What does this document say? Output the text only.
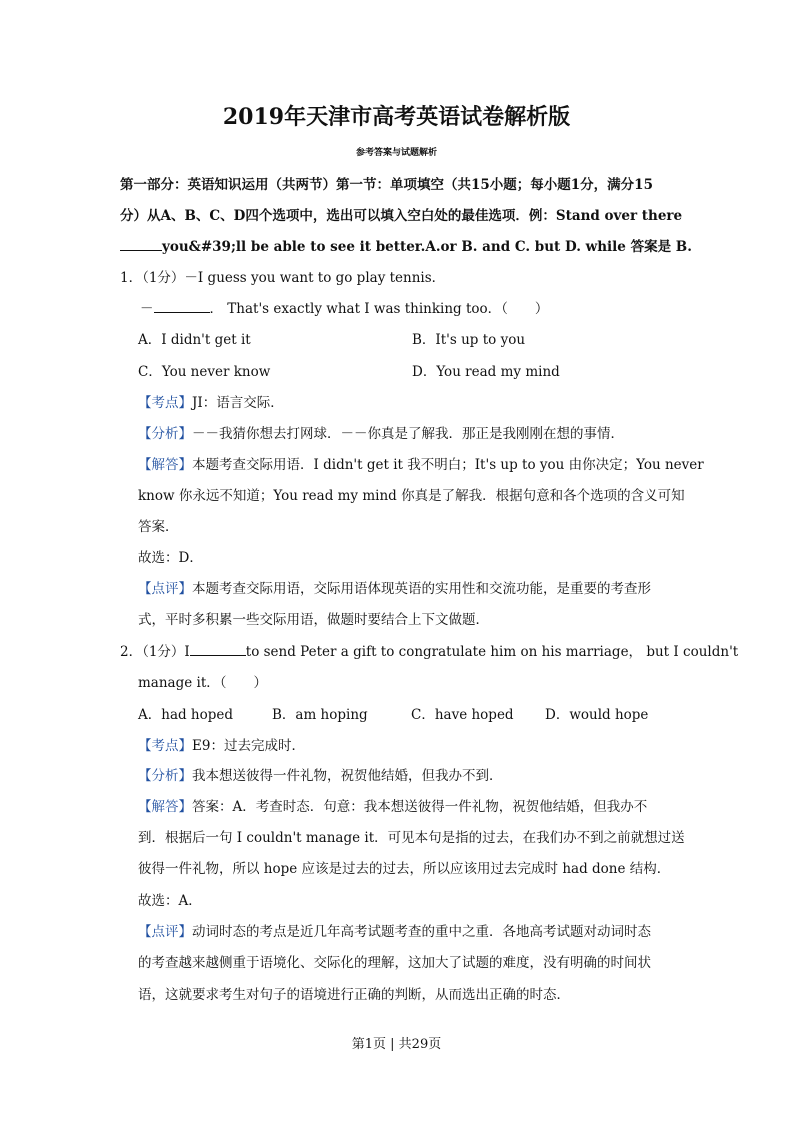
2019年天津市高考英语试卷解析版
参考答案与试题解析
第一部分：英语知识运用（共两节）第一节：单项填空（共15小题；每小题1分，满分15
分）从A、B、C、D四个选项中，选出可以填入空白处的最佳选项．例：Stand over there
you&#39;ll be able to see it better.A.or B. and C. but D. while 答案是 B.
1．（1分）－I guess you want to go play tennis．
－	． That's exactly what I was thinking too．（　　）
A．I didn't get it	B．It's up to you
C．You never know	D．You read my mind
【考点】JI：语言交际．
【分析】－－我猜你想去打网球．－－你真是了解我．那正是我刚刚在想的事情．
【解答】本题考查交际用语．I didn't get it 我不明白；It's up to you 由你决定；You never
know 你永远不知道；You read my mind 你真是了解我．根据句意和各个选项的含义可知
答案．
故选：D．
【点评】本题考查交际用语，交际用语体现英语的实用性和交流功能，是重要的考查形
式，平时多积累一些交际用语，做题时要结合上下文做题．
2．（1分）I	to send Peter a gift to congratulate him on his marriage， but I couldn't
manage it．（　　）
A．had hoped	B．am hoping	C．have hoped D．would hope
【考点】E9：过去完成时．
【分析】我本想送彼得一件礼物，祝贺他结婚，但我办不到．
【解答】答案：A．考查时态．句意：我本想送彼得一件礼物，祝贺他结婚，但我办不
到．根据后一句 I couldn't manage it．可见本句是指的过去，在我们办不到之前就想过送
彼得一件礼物，所以 hope 应该是过去的过去，所以应该用过去完成时 had done 结构．
故选：A．
【点评】动词时态的考点是近几年高考试题考查的重中之重．各地高考试题对动词时态
的考查越来越侧重于语境化、交际化的理解，这加大了试题的难度，没有明确的时间状
语，这就要求考生对句子的语境进行正确的判断，从而选出正确的时态．
第1页 | 共29页
